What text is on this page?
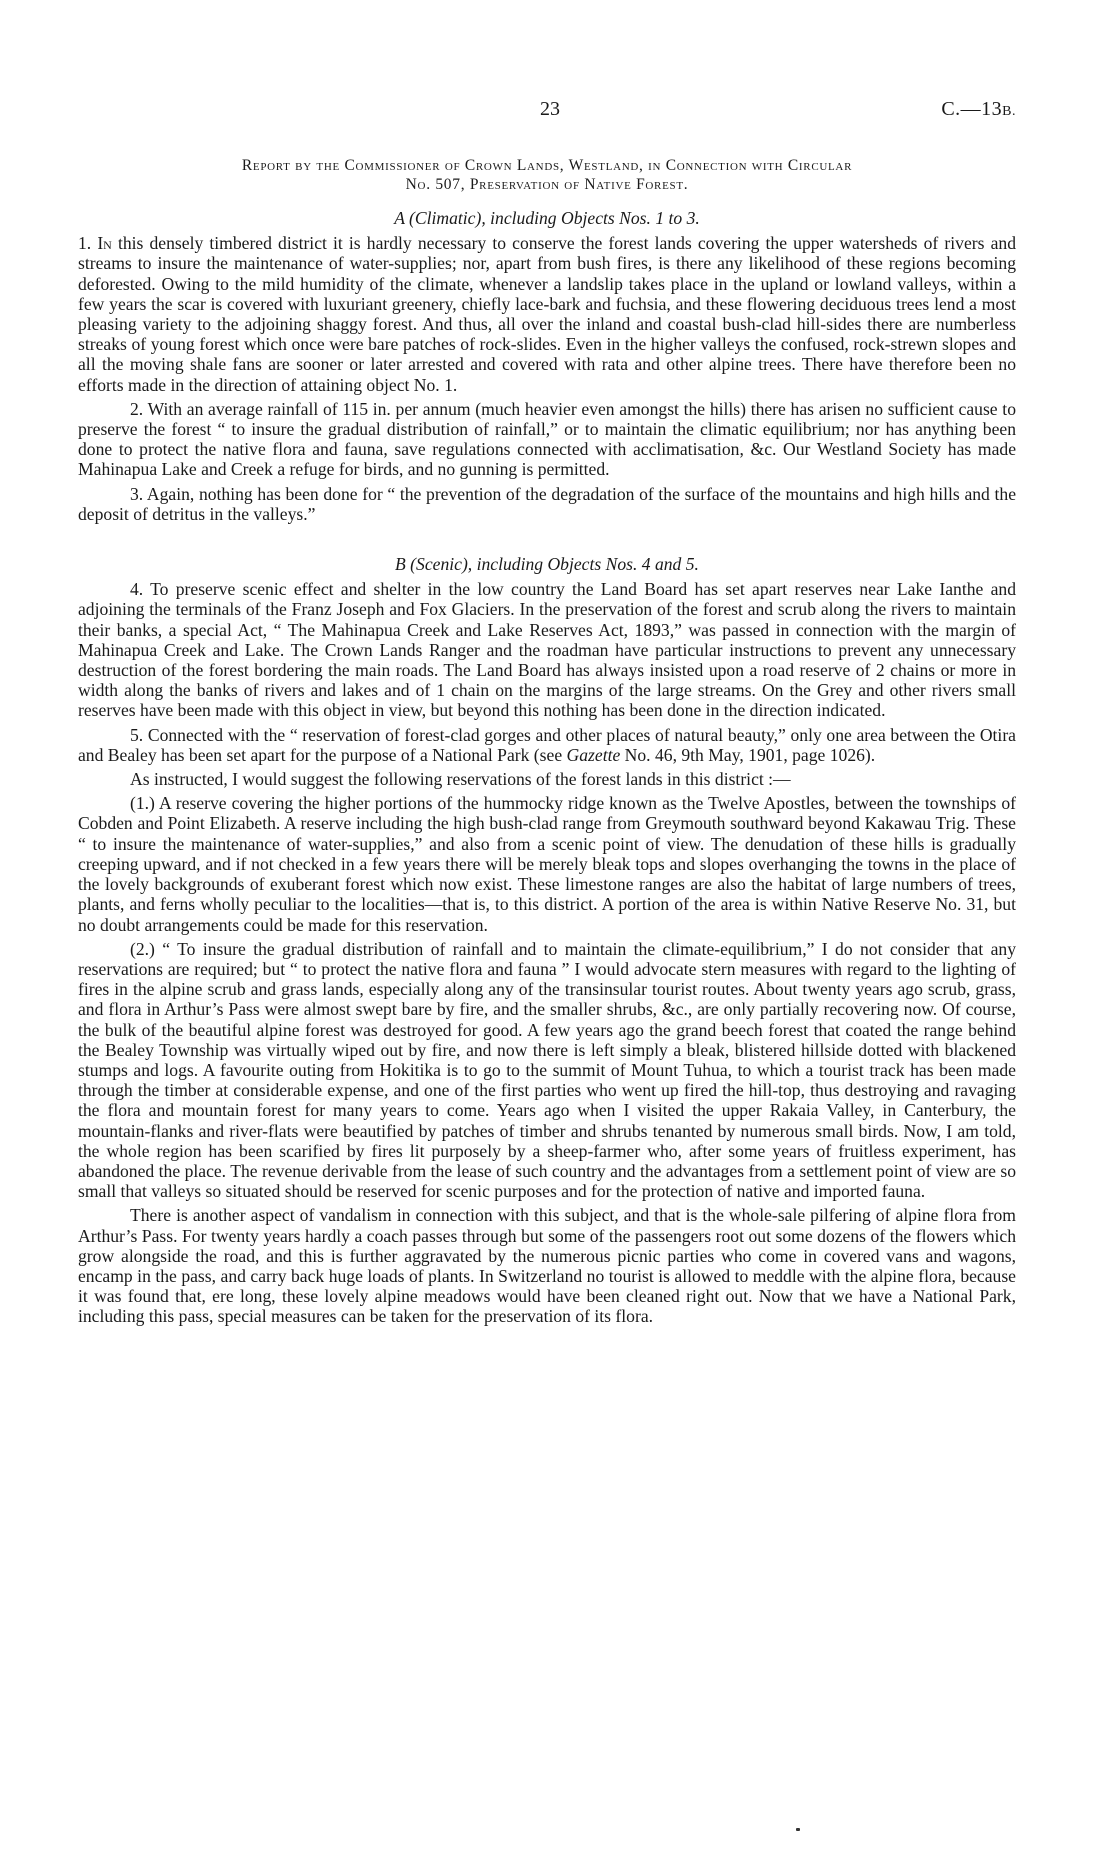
23	C.—13B.
Report by the Commissioner of Crown Lands, Westland, in Connection with Circular
No. 507, Preservation of Native Forest.
A (Climatic), including Objects Nos. 1 to 3.

1. In this densely timbered district it is hardly necessary to conserve the forest lands covering the upper watersheds of rivers and streams to insure the maintenance of water-supplies; nor, apart from bush fires, is there any likelihood of these regions becoming deforested. Owing to the mild humidity of the climate, whenever a landslip takes place in the upland or lowland valleys, within a few years the scar is covered with luxuriant greenery, chiefly lace-bark and fuchsia, and these flowering deciduous trees lend a most pleasing variety to the adjoining shaggy forest. And thus, all over the inland and coastal bush-clad hill-sides there are numberless streaks of young forest which once were bare patches of rock-slides. Even in the higher valleys the confused, rock-strewn slopes and all the moving shale fans are sooner or later arrested and covered with rata and other alpine trees. There have therefore been no efforts made in the direction of attaining object No. 1.

2. With an average rainfall of 115 in. per annum (much heavier even amongst the hills) there has arisen no sufficient cause to preserve the forest “ to insure the gradual distribution of rainfall,” or to maintain the climatic equilibrium; nor has anything been done to protect the native flora and fauna, save regulations connected with acclimatisation, &c. Our Westland Society has made Mahinapua Lake and Creek a refuge for birds, and no gunning is permitted.

3. Again, nothing has been done for “ the prevention of the degradation of the surface of the mountains and high hills and the deposit of detritus in the valleys.”

B (Scenic), including Objects Nos. 4 and 5.

4. To preserve scenic effect and shelter in the low country the Land Board has set apart reserves near Lake Ianthe and adjoining the terminals of the Franz Joseph and Fox Glaciers. In the preservation of the forest and scrub along the rivers to maintain their banks, a special Act, “ The Mahinapua Creek and Lake Reserves Act, 1893,” was passed in connection with the margin of Mahinapua Creek and Lake. The Crown Lands Ranger and the roadman have particular instructions to prevent any unnecessary destruction of the forest bordering the main roads. The Land Board has always insisted upon a road reserve of 2 chains or more in width along the banks of rivers and lakes and of 1 chain on the margins of the large streams. On the Grey and other rivers small reserves have been made with this object in view, but beyond this nothing has been done in the direction indicated.

5. Connected with the “ reservation of forest-clad gorges and other places of natural beauty,” only one area between the Otira and Bealey has been set apart for the purpose of a National Park (see Gazette No. 46, 9th May, 1901, page 1026).

As instructed, I would suggest the following reservations of the forest lands in this district :—

(1.) A reserve covering the higher portions of the hummocky ridge known as the Twelve Apostles, between the townships of Cobden and Point Elizabeth. A reserve including the high bush-clad range from Greymouth southward beyond Kakawau Trig. These “ to insure the maintenance of water-supplies,” and also from a scenic point of view. The denudation of these hills is gradually creeping upward, and if not checked in a few years there will be merely bleak tops and slopes overhanging the towns in the place of the lovely backgrounds of exuberant forest which now exist. These limestone ranges are also the habitat of large numbers of trees, plants, and ferns wholly peculiar to the localities—that is, to this district. A portion of the area is within Native Reserve No. 31, but no doubt arrangements could be made for this reservation.

(2.) “ To insure the gradual distribution of rainfall and to maintain the climate-equilibrium,” I do not consider that any reservations are required; but “ to protect the native flora and fauna ” I would advocate stern measures with regard to the lighting of fires in the alpine scrub and grass lands, especially along any of the transinsular tourist routes. About twenty years ago scrub, grass, and flora in Arthur’s Pass were almost swept bare by fire, and the smaller shrubs, &c., are only partially recovering now. Of course, the bulk of the beautiful alpine forest was destroyed for good. A few years ago the grand beech forest that coated the range behind the Bealey Township was virtually wiped out by fire, and now there is left simply a bleak, blistered hillside dotted with blackened stumps and logs. A favourite outing from Hokitika is to go to the summit of Mount Tuhua, to which a tourist track has been made through the timber at considerable expense, and one of the first parties who went up fired the hill-top, thus destroying and ravaging the flora and mountain forest for many years to come. Years ago when I visited the upper Rakaia Valley, in Canterbury, the mountain-flanks and river-flats were beautified by patches of timber and shrubs tenanted by numerous small birds. Now, I am told, the whole region has been scarified by fires lit purposely by a sheep-farmer who, after some years of fruitless experiment, has abandoned the place. The revenue derivable from the lease of such country and the advantages from a settlement point of view are so small that valleys so situated should be reserved for scenic purposes and for the protection of native and imported fauna.

There is another aspect of vandalism in connection with this subject, and that is the whole-sale pilfering of alpine flora from Arthur’s Pass. For twenty years hardly a coach passes through but some of the passengers root out some dozens of the flowers which grow alongside the road, and this is further aggravated by the numerous picnic parties who come in covered vans and wagons, encamp in the pass, and carry back huge loads of plants. In Switzerland no tourist is allowed to meddle with the alpine flora, because it was found that, ere long, these lovely alpine meadows would have been cleaned right out. Now that we have a National Park, including this pass, special measures can be taken for the preservation of its flora.
